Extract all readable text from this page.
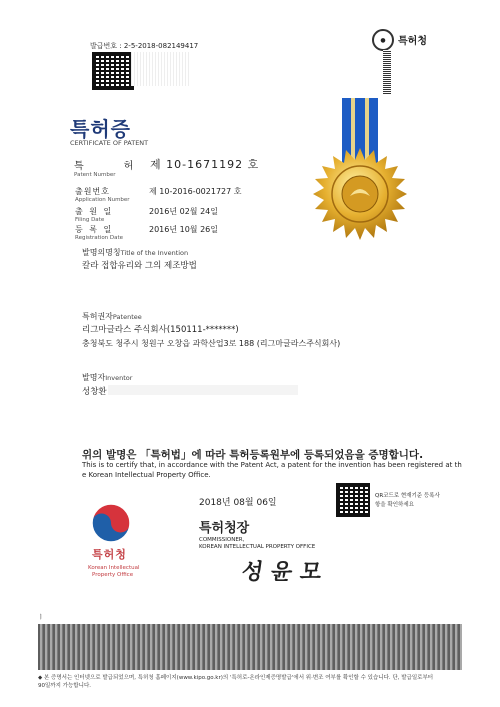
발급번호 : 2-5-2018-082149417
●	특허청
특허증
CERTIFICATE OF PATENT
특      허 제 10-1671192 호
Patent Number
출원번호
Application Number
제 10-2016-0021727 호
출 원 일
Filing Date
2016년 02월 24일
등 록 일
Registration Date
2016년 10월 26일
발명의명칭Title of the Invention
칼라 접합유리와 그의 제조방법
특허권자Patentee
리그마글라스 주식회사(150111-*******)
충청북도 청주시 청원구 오창읍 과학산업3로 188 (리그마글라스주식회사)
발명자Inventor
성창환
위의 발명은 「특허법」에 따라 특허등록원부에 등록되었음을 증명합니다.
This is to certify that, in accordance with the Patent Act, a patent for the invention has been registered at th
e Korean Intellectual Property Office.
2018년 08월 06일
QR코드로 현재기준 등록사항을 확인하세요
특허청장
COMMISSIONER,
KOREAN INTELLECTUAL PROPERTY OFFICE
성윤모
특허청
Korean Intellectual
Property Office
ㅣ
◆ 본 증명서는 인터넷으로 발급되었으며, 특허청 홈페이지(www.kipo.go.kr)의 '특허로-온라인제증명발급'에서 위·변조 여부를 확인할 수 있습니다. 단, 발급일로부터
90일까지 가능합니다.
